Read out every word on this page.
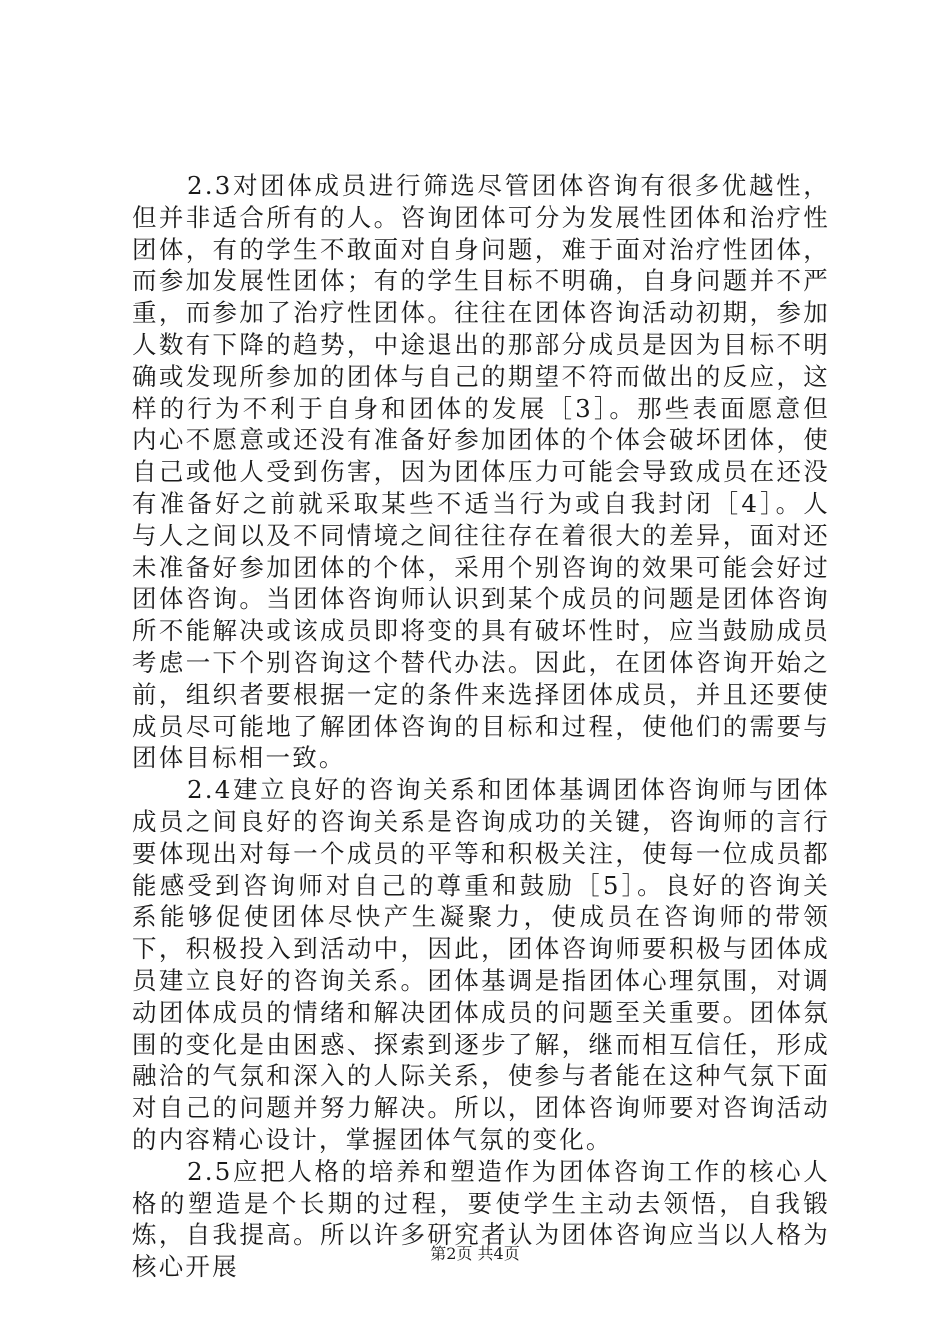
2.3对团体成员进行筛选尽管团体咨询有很多优越性，但并非适合所有的人。咨询团体可分为发展性团体和治疗性团体，有的学生不敢面对自身问题，难于面对治疗性团体，而参加发展性团体；有的学生目标不明确，自身问题并不严重，而参加了治疗性团体。往往在团体咨询活动初期，参加人数有下降的趋势，中途退出的那部分成员是因为目标不明确或发现所参加的团体与自己的期望不符而做出的反应，这样的行为不利于自身和团体的发展［3］。那些表面愿意但内心不愿意或还没有准备好参加团体的个体会破坏团体，使自己或他人受到伤害，因为团体压力可能会导致成员在还没有准备好之前就采取某些不适当行为或自我封闭［4］。人与人之间以及不同情境之间往往存在着很大的差异，面对还未准备好参加团体的个体，采用个别咨询的效果可能会好过团体咨询。当团体咨询师认识到某个成员的问题是团体咨询所不能解决或该成员即将变的具有破坏性时，应当鼓励成员考虑一下个别咨询这个替代办法。因此，在团体咨询开始之前，组织者要根据一定的条件来选择团体成员，并且还要使成员尽可能地了解团体咨询的目标和过程，使他们的需要与团体目标相一致。

2.4建立良好的咨询关系和团体基调团体咨询师与团体成员之间良好的咨询关系是咨询成功的关键，咨询师的言行要体现出对每一个成员的平等和积极关注，使每一位成员都能感受到咨询师对自己的尊重和鼓励［5］。良好的咨询关系能够促使团体尽快产生凝聚力，使成员在咨询师的带领下，积极投入到活动中，因此，团体咨询师要积极与团体成员建立良好的咨询关系。团体基调是指团体心理氛围，对调动团体成员的情绪和解决团体成员的问题至关重要。团体氛围的变化是由困惑、探索到逐步了解，继而相互信任，形成融洽的气氛和深入的人际关系，使参与者能在这种气氛下面对自己的问题并努力解决。所以，团体咨询师要对咨询活动的内容精心设计，掌握团体气氛的变化。

2.5应把人格的培养和塑造作为团体咨询工作的核心人格的塑造是个长期的过程，要使学生主动去领悟，自我锻炼，自我提高。所以许多研究者认为团体咨询应当以人格为核心开展	第2页 共4页
